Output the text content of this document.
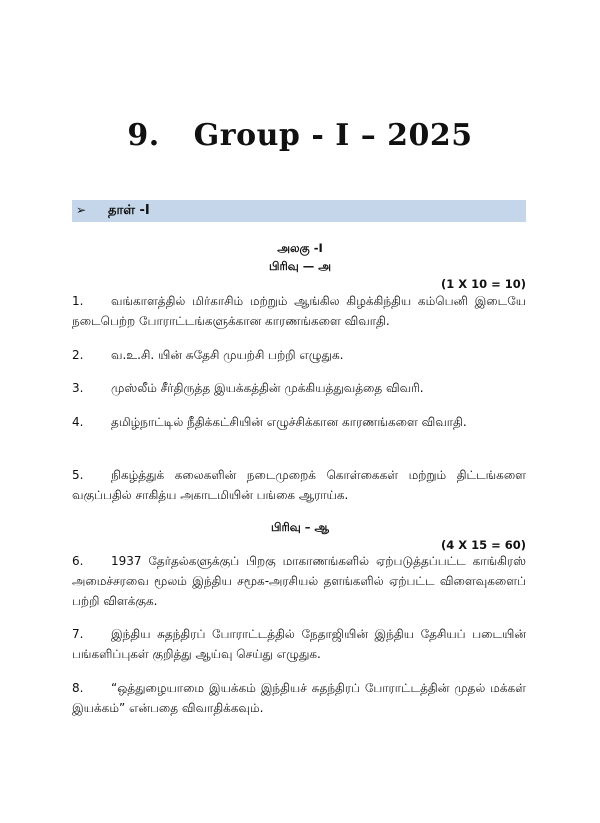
9. Group - I – 2025
➢ தாள் -I
அலகு -I
பிரிவு — அ
(1 X 10 = 10)
1. வங்காளத்தில் மிர்காசிம் மற்றும் ஆங்கில கிழக்கிந்திய கம்பெனி இடையே நடைபெற்ற போராட்டங்களுக்கான காரணங்களை விவாதி.
2. வ.உ.சி. யின் சுதேசி முயற்சி பற்றி எழுதுக.
3. முஸ்லீம் சீர்திருத்த இயக்கத்தின் முக்கியத்துவத்தை விவரி.
4. தமிழ்நாட்டில் நீதிக்கட்சியின் எழுச்சிக்கான காரணங்களை விவாதி.
5. நிகழ்த்துக் கலைகளின் நடைமுறைக் கொள்கைகள் மற்றும் திட்டங்களை வகுப்பதில் சாகித்ய அகாடமியின் பங்கை ஆராய்க.
பிரிவு – ஆ
(4 X 15 = 60)
6. 1937 தேர்தல்களுக்குப் பிறகு மாகாணங்களில் ஏற்படுத்தப்பட்ட காங்கிரஸ் அமைச்சரவை மூலம் இந்திய சமூக-அரசியல் தளங்களில் ஏற்பட்ட விளைவுகளைப் பற்றி விளக்குக.
7. இந்திய சுதந்திரப் போராட்டத்தில் நேதாஜியின் இந்திய தேசியப் படையின் பங்களிப்புகள் குறித்து ஆய்வு செய்து எழுதுக.
8. “ஒத்துழையாமை இயக்கம் இந்தியச் சுதந்திரப் போராட்டத்தின் முதல் மக்கள் இயக்கம்” என்பதை விவாதிக்கவும்.
